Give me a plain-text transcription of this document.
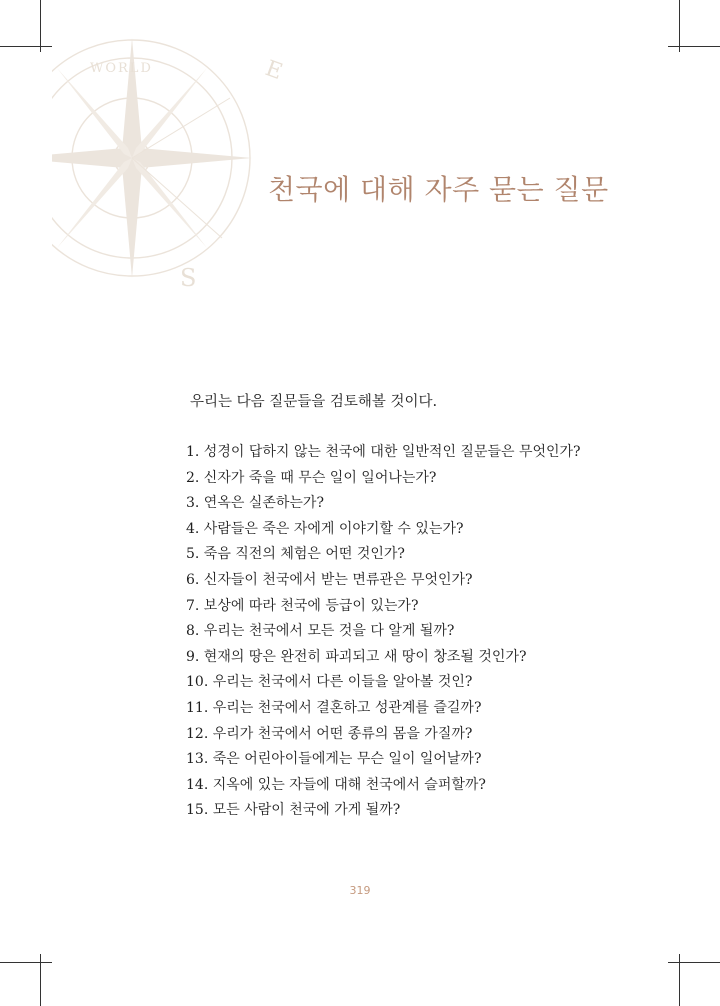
E
S
WORLD
천국에 대해 자주 묻는 질문
우리는 다음 질문들을 검토해볼 것이다.
1. 성경이 답하지 않는 천국에 대한 일반적인 질문들은 무엇인가?
2. 신자가 죽을 때 무슨 일이 일어나는가?
3. 연옥은 실존하는가?
4. 사람들은 죽은 자에게 이야기할 수 있는가?
5. 죽음 직전의 체험은 어떤 것인가?
6. 신자들이 천국에서 받는 면류관은 무엇인가?
7. 보상에 따라 천국에 등급이 있는가?
8. 우리는 천국에서 모든 것을 다 알게 될까?
9. 현재의 땅은 완전히 파괴되고 새 땅이 창조될 것인가?
10. 우리는 천국에서 다른 이들을 알아볼 것인?
11. 우리는 천국에서 결혼하고 성관계를 즐길까?
12. 우리가 천국에서 어떤 종류의 몸을 가질까?
13. 죽은 어린아이들에게는 무슨 일이 일어날까?
14. 지옥에 있는 자들에 대해 천국에서 슬퍼할까?
15. 모든 사람이 천국에 가게 될까?
319
